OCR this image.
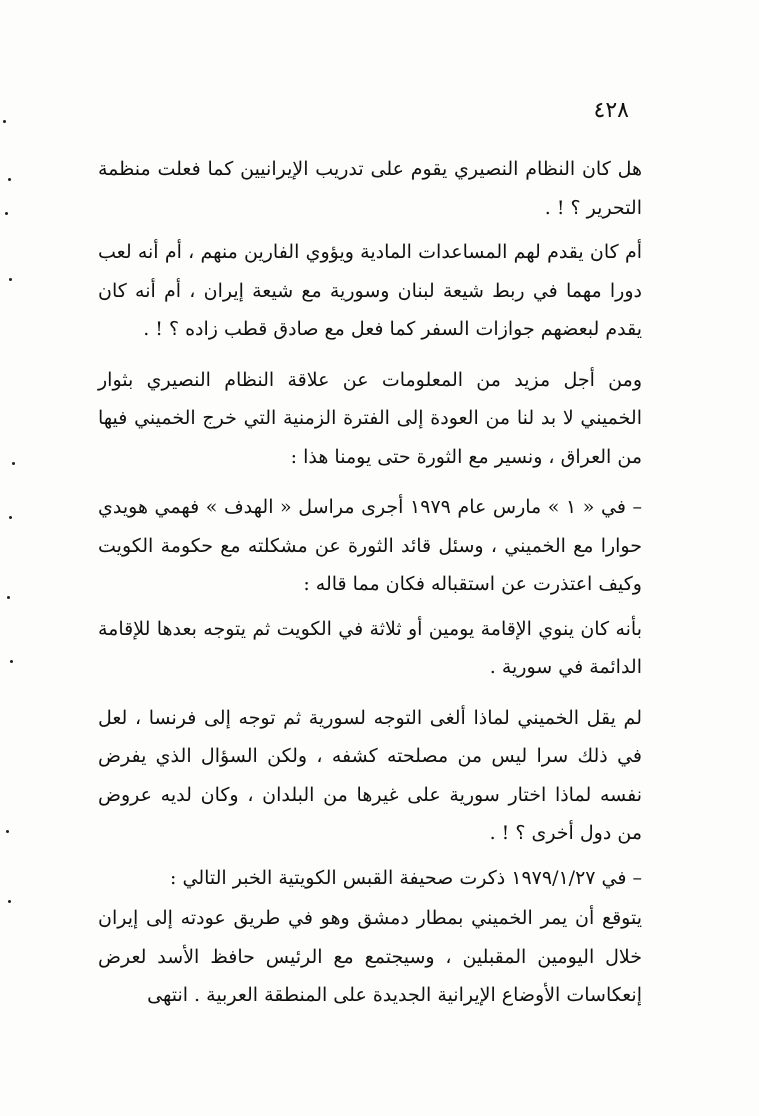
٤٢٨

هل كان النظام النصيري يقوم على تدريب الإيرانيين كما فعلت منظمة التحرير ؟ ! .

أم كان يقدم لهم المساعدات المادية ويؤوي الفارين منهم ، أم أنه لعب دورا مهما في ربط شيعة لبنان وسورية مع شيعة إيران ، أم أنه كان يقدم لبعضهم جوازات السفر كما فعل مع صادق قطب زاده ؟ ! .

ومن أجل مزيد من المعلومات عن علاقة النظام النصيري بثوار الخميني لا بد لنا من العودة إلى الفترة الزمنية التي خرج الخميني فيها من العراق ، ونسير مع الثورة حتى يومنا هذا :

– في « ١ » مارس عام ١٩٧٩ أجرى مراسل « الهدف » فهمي هويدي حوارا مع الخميني ، وسئل قائد الثورة عن مشكلته مع حكومة الكويت وكيف اعتذرت عن استقباله فكان مما قاله :

بأنه كان ينوي الإقامة يومين أو ثلاثة في الكويت ثم يتوجه بعدها للإقامة الدائمة في سورية .

لم يقل الخميني لماذا ألغى التوجه لسورية ثم توجه إلى فرنسا ، لعل في ذلك سرا ليس من مصلحته كشفه ، ولكن السؤال الذي يفرض نفسه لماذا اختار سورية على غيرها من البلدان ، وكان لديه عروض من دول أخرى ؟ ! .

– في ١٩٧٩/١/٢٧ ذكرت صحيفة القبس الكويتية الخبر التالي :

يتوقع أن يمر الخميني بمطار دمشق وهو في طريق عودته إلى إيران خلال اليومين المقبلين ، وسيجتمع مع الرئيس حافظ الأسد لعرض إنعكاسات الأوضاع الإيرانية الجديدة على المنطقة العربية . انتهى
